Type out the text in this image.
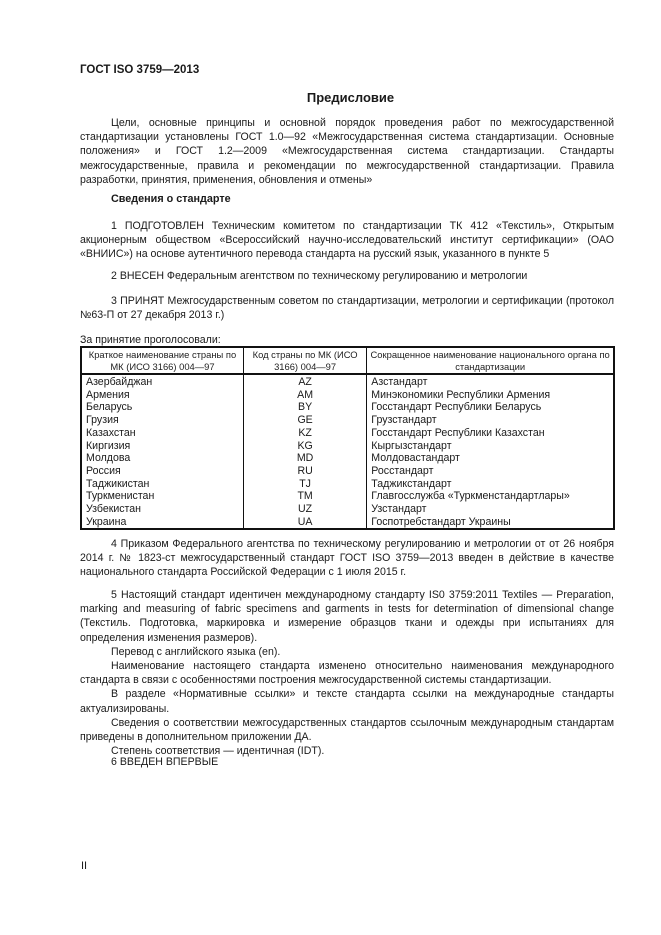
ГОСТ ISO 3759—2013
Предисловие

Цели, основные принципы и основной порядок проведения работ по межгосударственной стандартизации установлены ГОСТ 1.0—92 «Межгосударственная система стандартизации. Основные положения» и ГОСТ 1.2—2009 «Межгосударственная система стандартизации. Стандарты межгосударственные, правила и рекомендации по межгосударственной стандартизации. Правила разработки, принятия, применения, обновления и отмены»

Сведения о стандарте

1 ПОДГОТОВЛЕН Техническим комитетом по стандартизации ТК 412 «Текстиль», Открытым акционерным обществом «Всероссийский научно-исследовательский институт сертификации» (ОАО «ВНИИС») на основе аутентичного перевода стандарта на русский язык, указанного в пункте 5

2 ВНЕСЕН Федеральным агентством по техническому регулированию и метрологии

3 ПРИНЯТ Межгосударственным советом по стандартизации, метрологии и сертификации (протокол №63-П от 27 декабря 2013 г.)

За принятие проголосовали:
Краткое наименование страны по МК (ИСО 3166) 004—97	Код страны по МК (ИСО 3166) 004—97	Сокращенное наименование национального органа по стандартизации
Азербайджан	AZ	Азстандарт
Армения	AM	Минэкономики Республики Армения
Беларусь	BY	Госстандарт Республики Беларусь
Грузия	GE	Грузстандарт
Казахстан	KZ	Госстандарт Республики Казахстан
Киргизия	KG	Кыргызстандарт
Молдова	MD	Молдовастандарт
Россия	RU	Росстандарт
Таджикистан	TJ	Таджикстандарт
Туркменистан	TM	Главгосслужба «Туркменстандартлары»
Узбекистан	UZ	Узстандарт
Украина	UA	Госпотребстандарт Украины

4 Приказом Федерального агентства по техническому регулированию и метрологии от от 26 ноября 2014 г. № 1823-ст межгосударственный стандарт ГОСТ ISO 3759—2013 введен в действие в качестве национального стандарта Российской Федерации с 1 июля 2015 г.

5 Настоящий стандарт идентичен международному стандарту IS0 3759:2011 Textiles — Preparation, marking and measuring of fabric specimens and garments in tests for determination of dimensional change (Текстиль. Подготовка, маркировка и измерение образцов ткани и одежды при испытаниях для определения изменения размеров).

Перевод с английского языка (en).

Наименование настоящего стандарта изменено относительно наименования международного стандарта в связи с особенностями построения межгосударственной системы стандартизации.

В разделе «Нормативные ссылки» и тексте стандарта ссылки на международные стандарты актуализированы.

Сведения о соответствии межгосударственных стандартов ссылочным международным стандартам приведены в дополнительном приложении ДА.

Степень соответствия — идентичная (IDT).

6 ВВЕДЕН ВПЕРВЫЕ

II
